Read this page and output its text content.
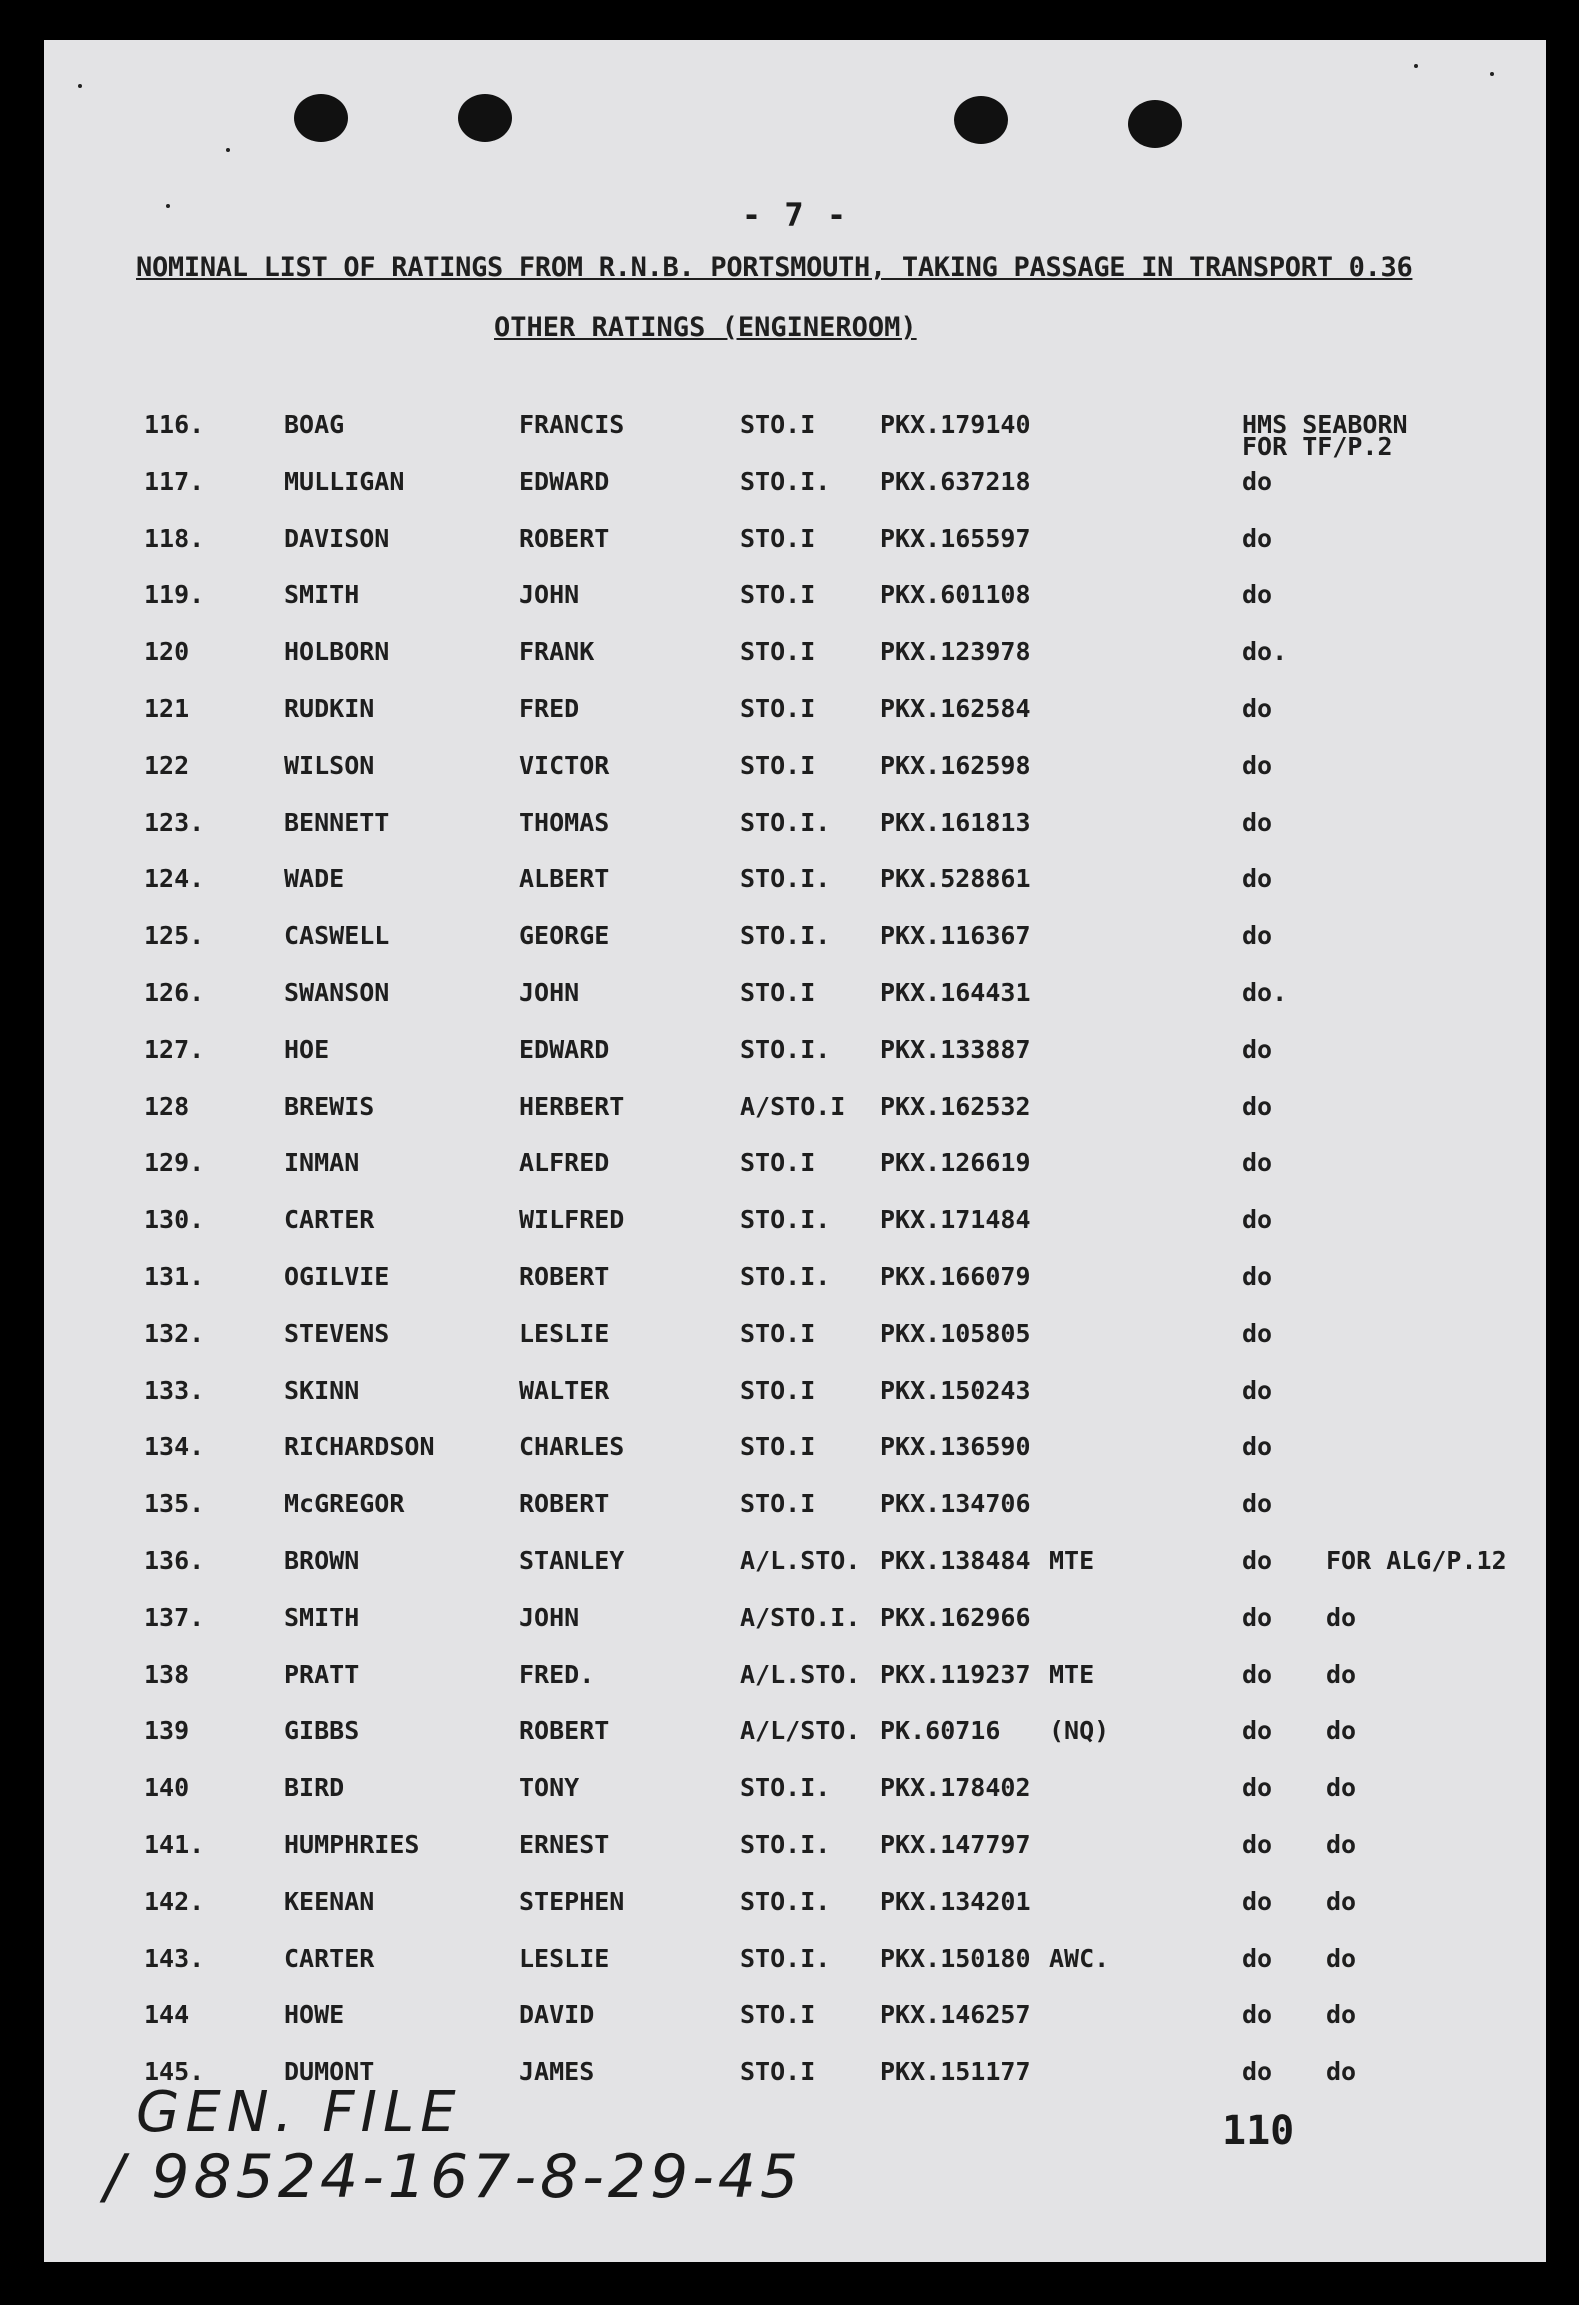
- 7 -
NOMINAL LIST OF RATINGS FROM R.N.B. PORTSMOUTH, TAKING PASSAGE IN TRANSPORT 0.36
OTHER RATINGS (ENGINEROOM)
116.	BOAG	FRANCIS	STO.I	PKX.179140	HMS SEABORN
FOR TF/P.2
117.	MULLIGAN	EDWARD	STO.I. PKX.637218	do
118.	DAVISON	ROBERT	STO.I	PKX.165597	do
119.	SMITH	JOHN	STO.I	PKX.601108	do
120	HOLBORN	FRANK	STO.I	PKX.123978	do.
121	RUDKIN	FRED	STO.I	PKX.162584	do
122	WILSON	VICTOR	STO.I	PKX.162598	do
123.	BENNETT	THOMAS	STO.I. PKX.161813	do
124.	WADE	ALBERT	STO.I. PKX.528861	do
125.	CASWELL	GEORGE	STO.I. PKX.116367	do
126.	SWANSON	JOHN	STO.I	PKX.164431	do.
127.	HOE	EDWARD	STO.I. PKX.133887	do
128	BREWIS	HERBERT	A/STO.I PKX.162532	do
129.	INMAN	ALFRED	STO.I	PKX.126619	do
130.	CARTER	WILFRED	STO.I. PKX.171484	do
131.	OGILVIE	ROBERT	STO.I. PKX.166079	do
132.	STEVENS	LESLIE	STO.I	PKX.105805	do
133.	SKINN	WALTER	STO.I	PKX.150243	do
134.	RICHARDSON	CHARLES	STO.I	PKX.136590	do
135.	McGREGOR	ROBERT	STO.I	PKX.134706	do
136.	BROWN	STANLEY	A/L.STO. PKX.138484 MTE	do FOR ALG/P.12
137.	SMITH	JOHN	A/STO.I. PKX.162966	do do
138	PRATT	FRED.	A/L.STO. PKX.119237 MTE	do do
139	GIBBS	ROBERT	A/L/STO. PK.60716 (NQ)	do do
140	BIRD	TONY	STO.I. PKX.178402	do do
141.	HUMPHRIES	ERNEST	STO.I. PKX.147797	do do
142.	KEENAN	STEPHEN	STO.I. PKX.134201	do do
143.	CARTER	LESLIE	STO.I. PKX.150180 AWC.	do do
144	HOWE	DAVID	STO.I	PKX.146257	do do
145.	DUMONT	JAMES	STO.I	PKX.151177	do do
GEN. FILE
/ 98524-167-8-29-45
110
